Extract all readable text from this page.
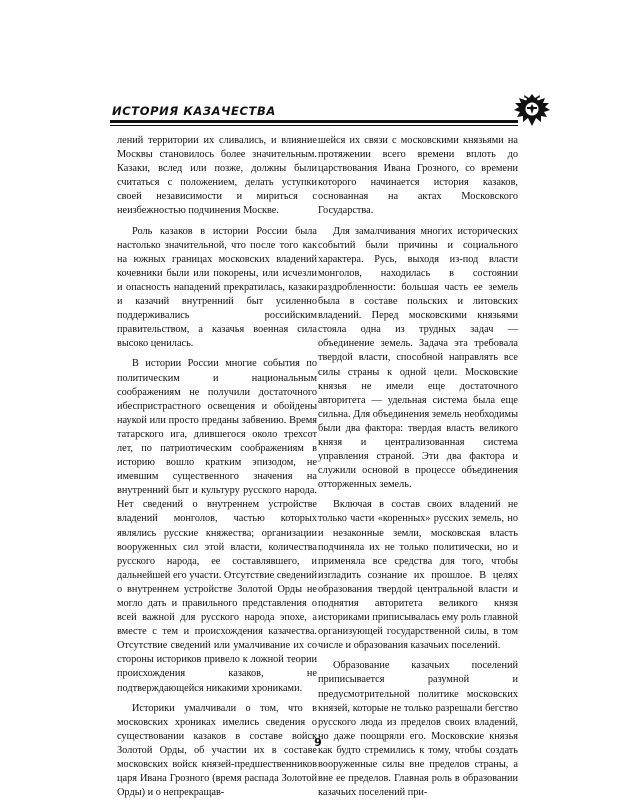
ИСТОРИЯ КАЗАЧЕСТВА

лений территории их сливались, и влияние Москвы становилось более значительным. Казаки, вслед или позже, должны были считаться с положением, делать уступки своей независимости и мириться с неизбежностью подчинения Москве.

Роль казаков в истории России была настолько значительной, что после того как на южных границах московских владений кочевники были или покорены, или исчезли и опасность нападений прекратилась, казаки и казачий внутренний быт усиленно поддерживались российским правительством, а казачья военная сила высоко ценилась.

В истории России многие события по политическим и национальным соображениям не получили достаточного ибеспристрастного освещения и обойдены наукой или просто преданы забвению. Время татарского ига, длившегося около трехсот лет, по патриотическим соображениям в историю вошло кратким эпизодом, не имевшим существенного значения на внутренний быт и культуру русского народа. Нет сведений о внутреннем устройстве владений монголов, частью которых являлись русские княжества; организации вооруженных сил этой власти, количества русского народа, ее составлявшего, и дальнейшей его участи. Отсутствие сведений о внутреннем устройстве Золотой Орды не могло дать и правильного представления о всей важной для русского народа эпохе, а вместе с тем и происхождения казачества. Отсутствие сведений или умалчивание их со стороны историков привело к ложной теории происхождения казаков, не подтверждающейся никакими хрониками.

Историки умалчивали о том, что в московских хрониках имелись сведения о существовании казаков в составе войск Золотой Орды, об участии их в составе московских войск князей-предшественников царя Ивана Грозного (время распада Золотой Орды) и о непрекращав-

шейся их связи с московскими князьями на протяжении всего времени вплоть до царствования Ивана Грозного, со времени которого начинается история казаков, основанная на актах Московского Государства.

Для замалчивания многих исторических событий были причины и социального характера. Русь, выходя из-под власти монголов, находилась в состоянии раздробленности: большая часть ее земель была в составе польских и литовских владений. Перед московскими князьями стояла одна из трудных задач — объединение земель. Задача эта требовала твердой власти, способной направлять все силы страны к одной цели. Московские князья не имели еще достаточного авторитета — удельная система была еще сильна. Для объединения земель необходимы были два фактора: твердая власть великого князя и централизованная система управления страной. Эти два фактора и служили основой в процессе объединения отторженных земель.

Включая в состав своих владений не только части «коренных» русских земель, но и незаконные земли, московская власть подчиняла их не только политически, но и применяла все средства для того, чтобы изгладить сознание их прошлое. В целях образования твердой центральной власти и поднятия авторитета великого князя историками приписывалась ему роль главной организующей государственной силы, в том числе и образования казачьих поселений.

Образование казачьих поселений приписывается разумной и предусмотрительной политике московских князей, которые не только разрешали бегство русского люда из пределов своих владений, но даже поощряли его. Московские князья как будто стремились к тому, чтобы создать вооруженные силы вне пределов страны, а вне ее пределов. Главная роль в образовании казачьих поселений при-

9
